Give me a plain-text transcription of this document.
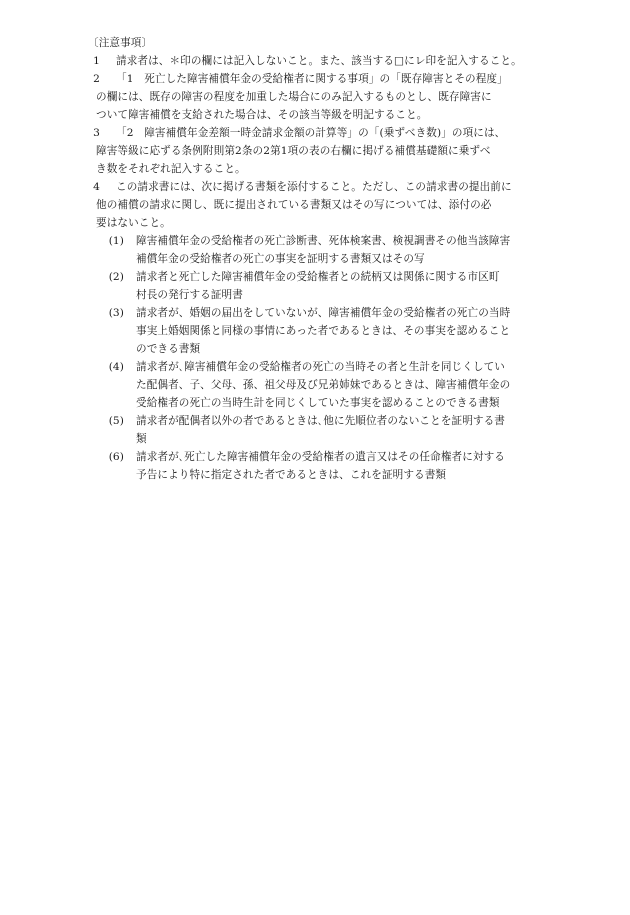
〔注意事項〕
1 請求者は、＊印の欄には記入しないこと。また、該当する□にレ印を記入すること。
2 「1　死亡した障害補償年金の受給権者に関する事項」の「既存障害とその程度」
の欄には、既存の障害の程度を加重した場合にのみ記入するものとし、既存障害に
ついて障害補償を支給された場合は、その該当等級を明記すること。
3 「2　障害補償年金差額一時金請求金額の計算等」の「(乗ずべき数)」の項には、
障害等級に応ずる条例附則第2条の2第1項の表の右欄に掲げる補償基礎額に乗ずべ
き数をそれぞれ記入すること。
4 この請求書には、次に掲げる書類を添付すること。ただし、この請求書の提出前に
他の補償の請求に関し、既に提出されている書類又はその写については、添付の必
要はないこと。
(1)	障害補償年金の受給権者の死亡診断書、死体検案書、検視調書その他当該障害
補償年金の受給権者の死亡の事実を証明する書類又はその写
(2)	請求者と死亡した障害補償年金の受給権者との続柄又は関係に関する市区町
村長の発行する証明書
(3)	請求者が、婚姻の届出をしていないが、障害補償年金の受給権者の死亡の当時
事実上婚姻関係と同様の事情にあった者であるときは、その事実を認めること
のできる書類
(4)	請求者が､障害補償年金の受給権者の死亡の当時その者と生計を同じくしてい
た配偶者、子、父母、孫、祖父母及び兄弟姉妹であるときは、障害補償年金の
受給権者の死亡の当時生計を同じくしていた事実を認めることのできる書類
(5)	請求者が配偶者以外の者であるときは､他に先順位者のないことを証明する書
類
(6)	請求者が､死亡した障害補償年金の受給権者の遺言又はその任命権者に対する
予告により特に指定された者であるときは、これを証明する書類
